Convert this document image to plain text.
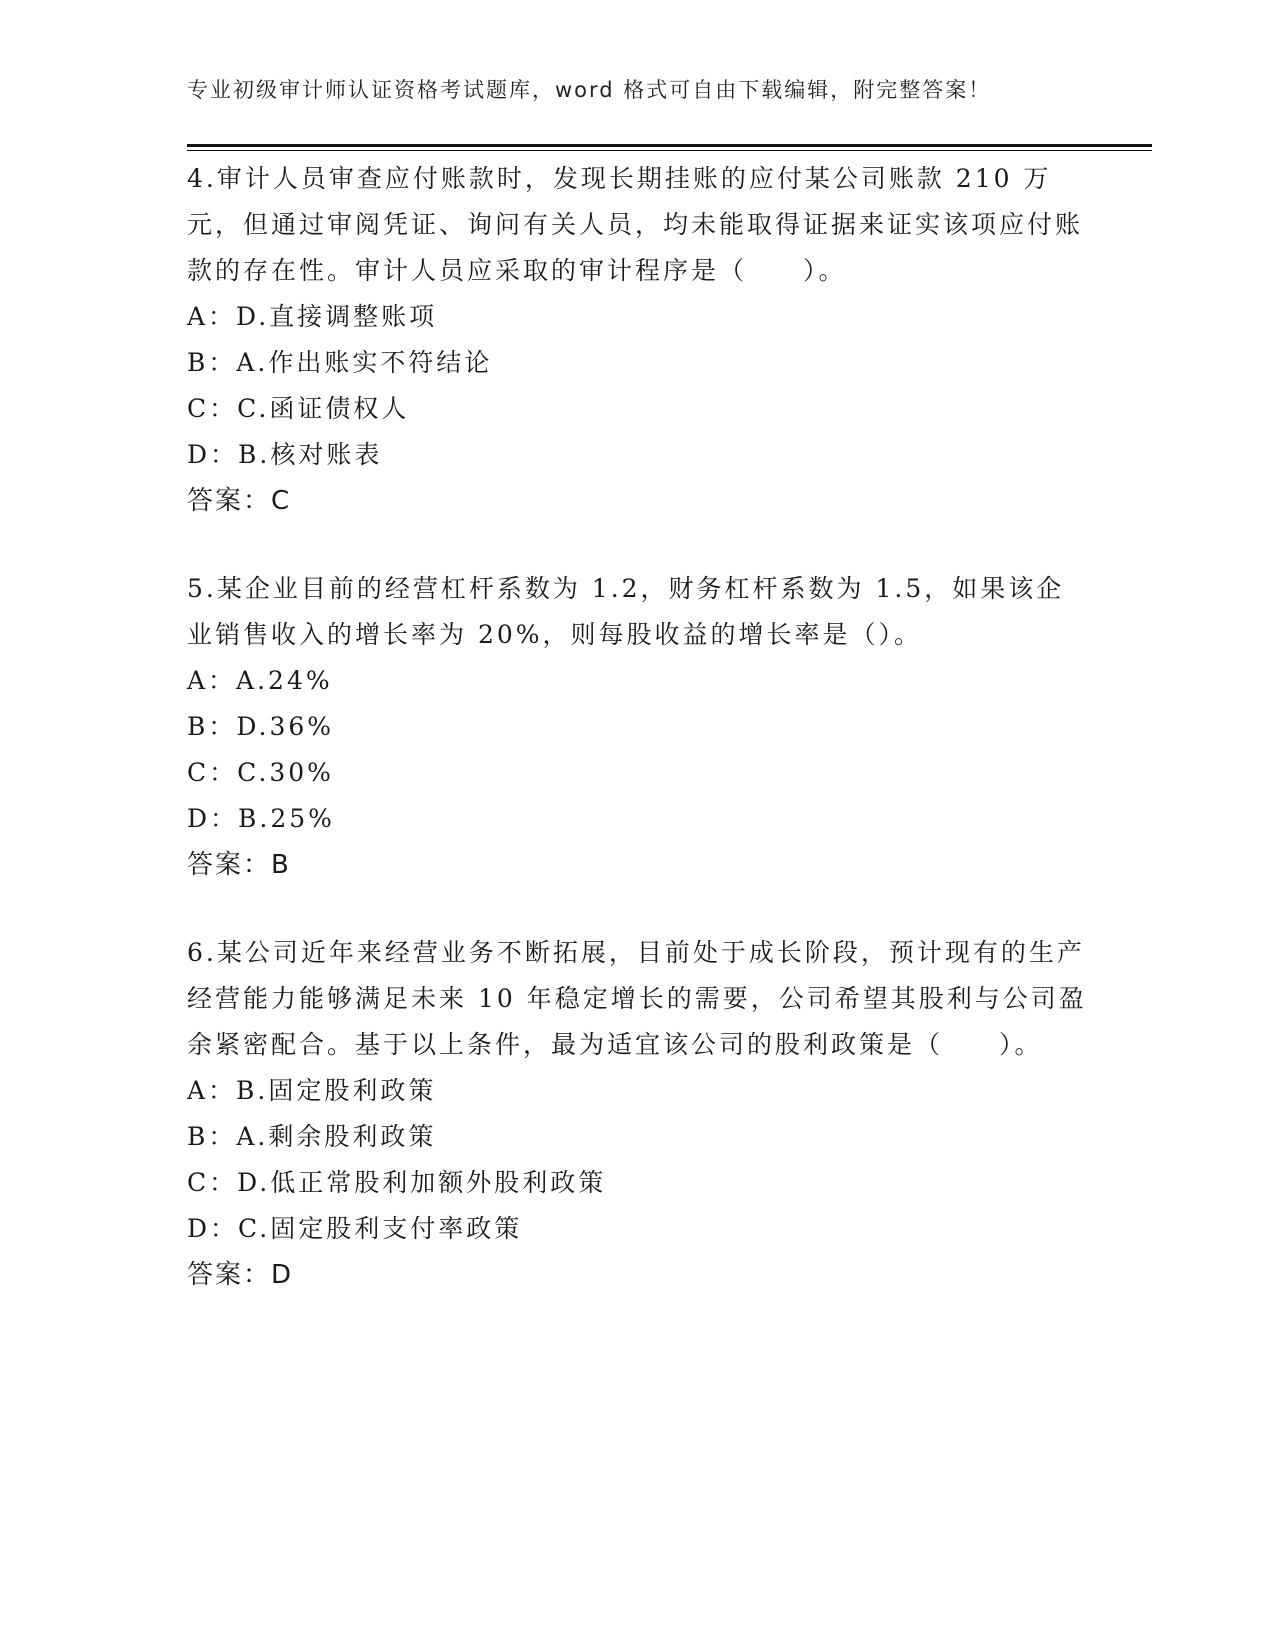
专业初级审计师认证资格考试题库，word 格式可自由下载编辑，附完整答案！

4.审计人员审查应付账款时，发现长期挂账的应付某公司账款 210 万元，但通过审阅凭证、询问有关人员，均未能取得证据来证实该项应付账款的存在性。审计人员应采取的审计程序是（　　）。

A：D.直接调整账项

B：A.作出账实不符结论

C：C.函证债权人

D：B.核对账表

答案：C

5.某企业目前的经营杠杆系数为 1.2，财务杠杆系数为 1.5，如果该企业销售收入的增长率为 20%，则每股收益的增长率是（）。

A：A.24%

B：D.36%

C：C.30%

D：B.25%

答案：B

6.某公司近年来经营业务不断拓展，目前处于成长阶段，预计现有的生产经营能力能够满足未来 10 年稳定增长的需要，公司希望其股利与公司盈余紧密配合。基于以上条件，最为适宜该公司的股利政策是（　　）。

A：B.固定股利政策

B：A.剩余股利政策

C：D.低正常股利加额外股利政策

D：C.固定股利支付率政策

答案：D
